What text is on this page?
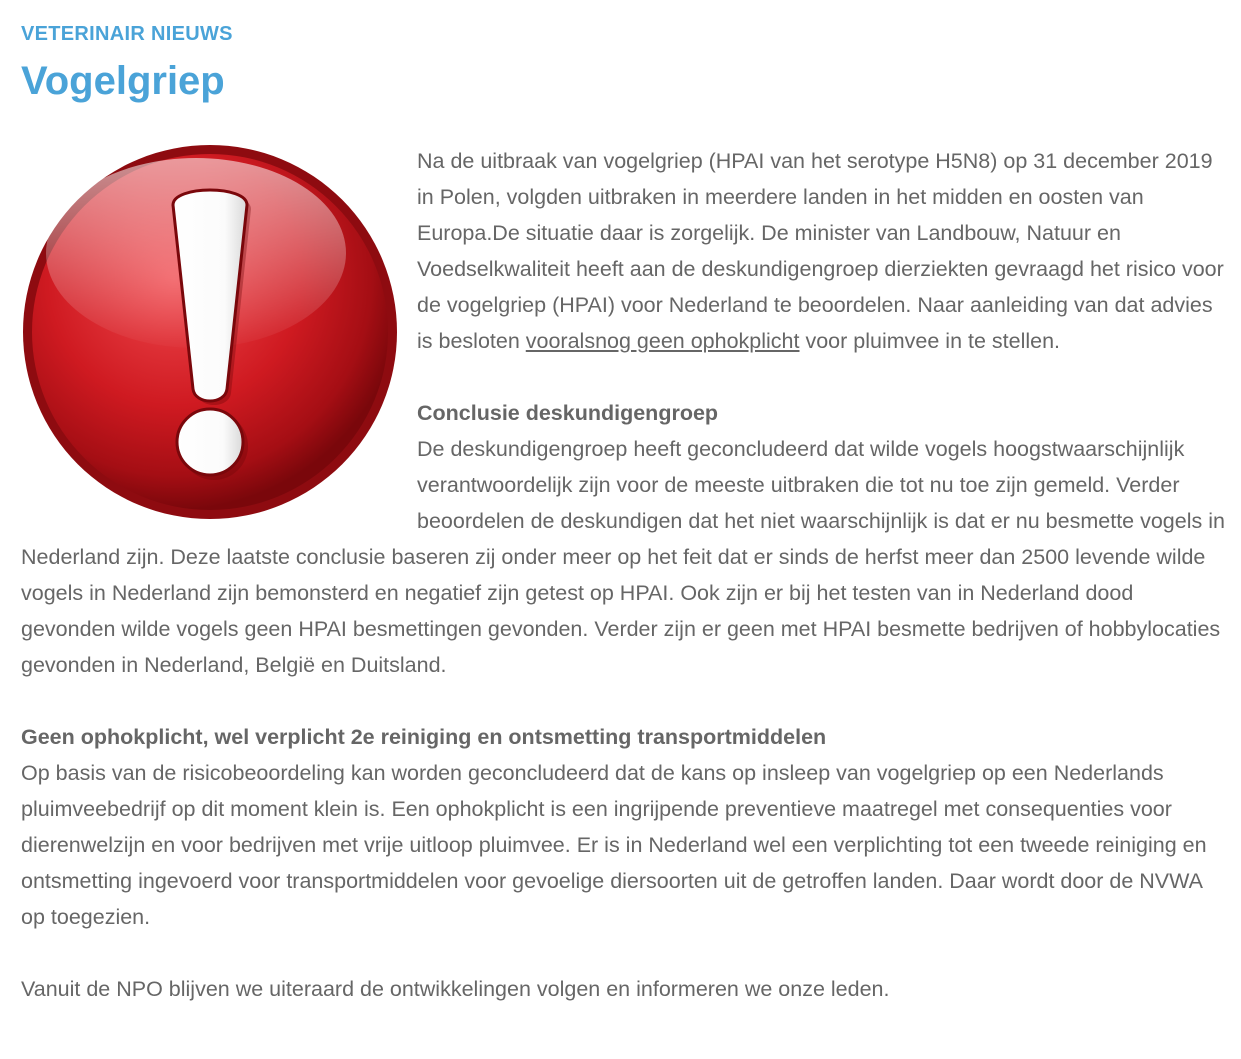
VETERINAIR NIEUWS
Vogelgriep

Na de uitbraak van vogelgriep (HPAI van het serotype H5N8) op 31 december 2019 in Polen, volgden uitbraken in meerdere landen in het midden en oosten van Europa.De situatie daar is zorgelijk. De minister van Landbouw, Natuur en Voedselkwaliteit heeft aan de deskundigengroep dierziekten gevraagd het risico voor de vogelgriep (HPAI) voor Nederland te beoordelen. Naar aanleiding van dat advies is besloten vooralsnog geen ophokplicht voor pluimvee in te stellen.

Conclusie deskundigengroep
De deskundigengroep heeft geconcludeerd dat wilde vogels hoogstwaarschijnlijk verantwoordelijk zijn voor de meeste uitbraken die tot nu toe zijn gemeld. Verder beoordelen de deskundigen dat het niet waarschijnlijk is dat er nu besmette vogels in Nederland zijn. Deze laatste conclusie baseren zij onder meer op het feit dat er sinds de herfst meer dan 2500 levende wilde vogels in Nederland zijn bemonsterd en negatief zijn getest op HPAI. Ook zijn er bij het testen van in Nederland dood gevonden wilde vogels geen HPAI besmettingen gevonden. Verder zijn er geen met HPAI besmette bedrijven of hobbylocaties gevonden in Nederland, België en Duitsland.

Geen ophokplicht, wel verplicht 2e reiniging en ontsmetting transportmiddelen
Op basis van de risicobeoordeling kan worden geconcludeerd dat de kans op insleep van vogelgriep op een Nederlands pluimveebedrijf op dit moment klein is. Een ophokplicht is een ingrijpende preventieve maatregel met consequenties voor dierenwelzijn en voor bedrijven met vrije uitloop pluimvee. Er is in Nederland wel een verplichting tot een tweede reiniging en ontsmetting ingevoerd voor transportmiddelen voor gevoelige diersoorten uit de getroffen landen. Daar wordt door de NVWA op toegezien.

Vanuit de NPO blijven we uiteraard de ontwikkelingen volgen en informeren we onze leden.
